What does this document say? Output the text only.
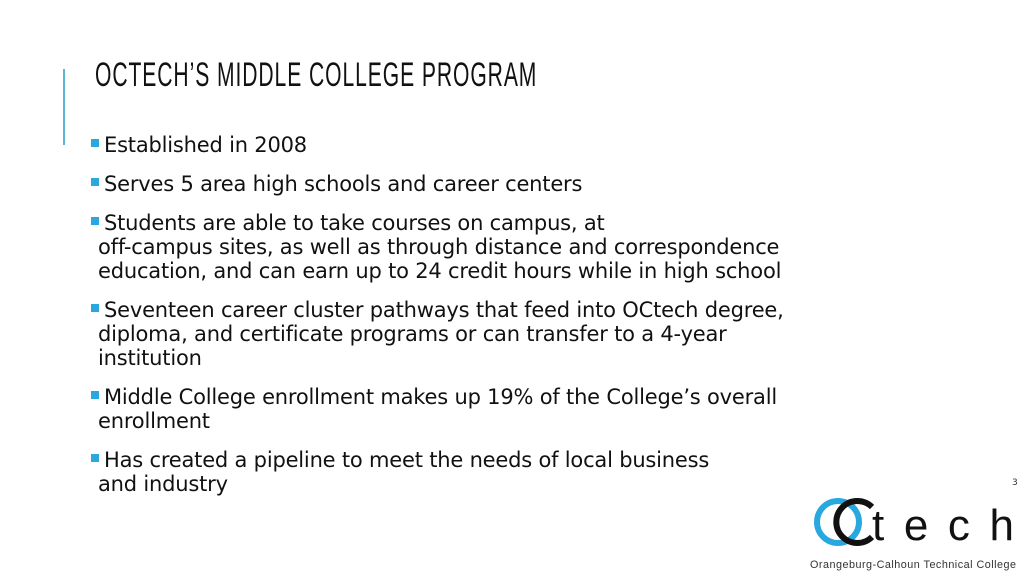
OCTECH’S MIDDLE COLLEGE PROGRAM
Established in 2008
Serves 5 area high schools and career centers
Students are able to take courses on campus, at
off-campus sites, as well as through distance and correspondence
education, and can earn up to 24 credit hours while in high school
Seventeen career cluster pathways that feed into OCtech degree,
diploma, and certificate programs or can transfer to a 4-year
institution
Middle College enrollment makes up 19% of the College’s overall
enrollment
Has created a pipeline to meet the needs of local business
and industry
tech
Orangeburg-Calhoun Technical College
3
